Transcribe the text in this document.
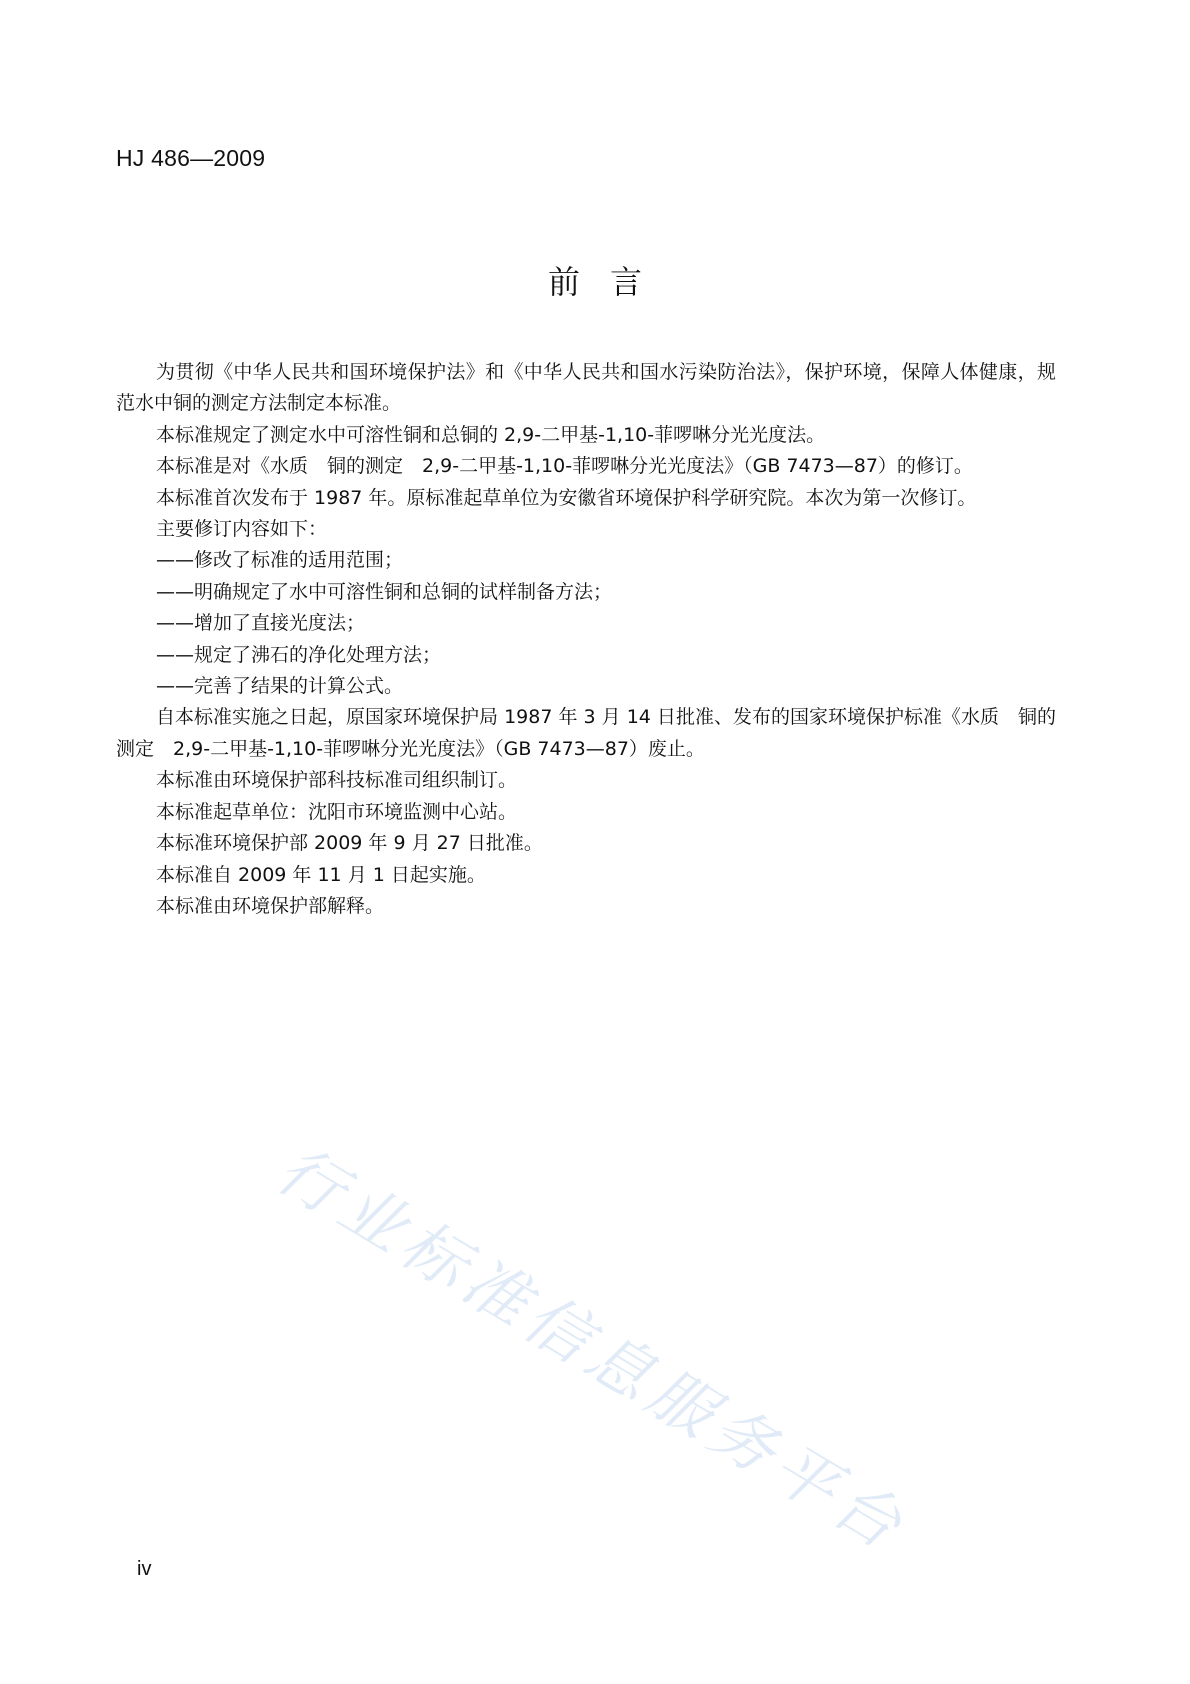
HJ 486—2009
前言

为贯彻《中华人民共和国环境保护法》和《中华人民共和国水污染防治法》，保护环境，保障人体健康，规范水中铜的测定方法制定本标准。

本标准规定了测定水中可溶性铜和总铜的 2,9-二甲基-1,10-菲啰啉分光光度法。

本标准是对《水质　铜的测定　2,9-二甲基-1,10-菲啰啉分光光度法》（GB 7473—87）的修订。

本标准首次发布于 1987 年。原标准起草单位为安徽省环境保护科学研究院。本次为第一次修订。

主要修订内容如下：

——修改了标准的适用范围；

——明确规定了水中可溶性铜和总铜的试样制备方法；

——增加了直接光度法；

——规定了沸石的净化处理方法；

——完善了结果的计算公式。

自本标准实施之日起，原国家环境保护局 1987 年 3 月 14 日批准、发布的国家环境保护标准《水质　铜的测定　2,9-二甲基-1,10-菲啰啉分光光度法》（GB 7473—87）废止。

本标准由环境保护部科技标准司组织制订。

本标准起草单位：沈阳市环境监测中心站。

本标准环境保护部 2009 年 9 月 27 日批准。

本标准自 2009 年 11 月 1 日起实施。

本标准由环境保护部解释。

行业标准信息服务平台
iv
